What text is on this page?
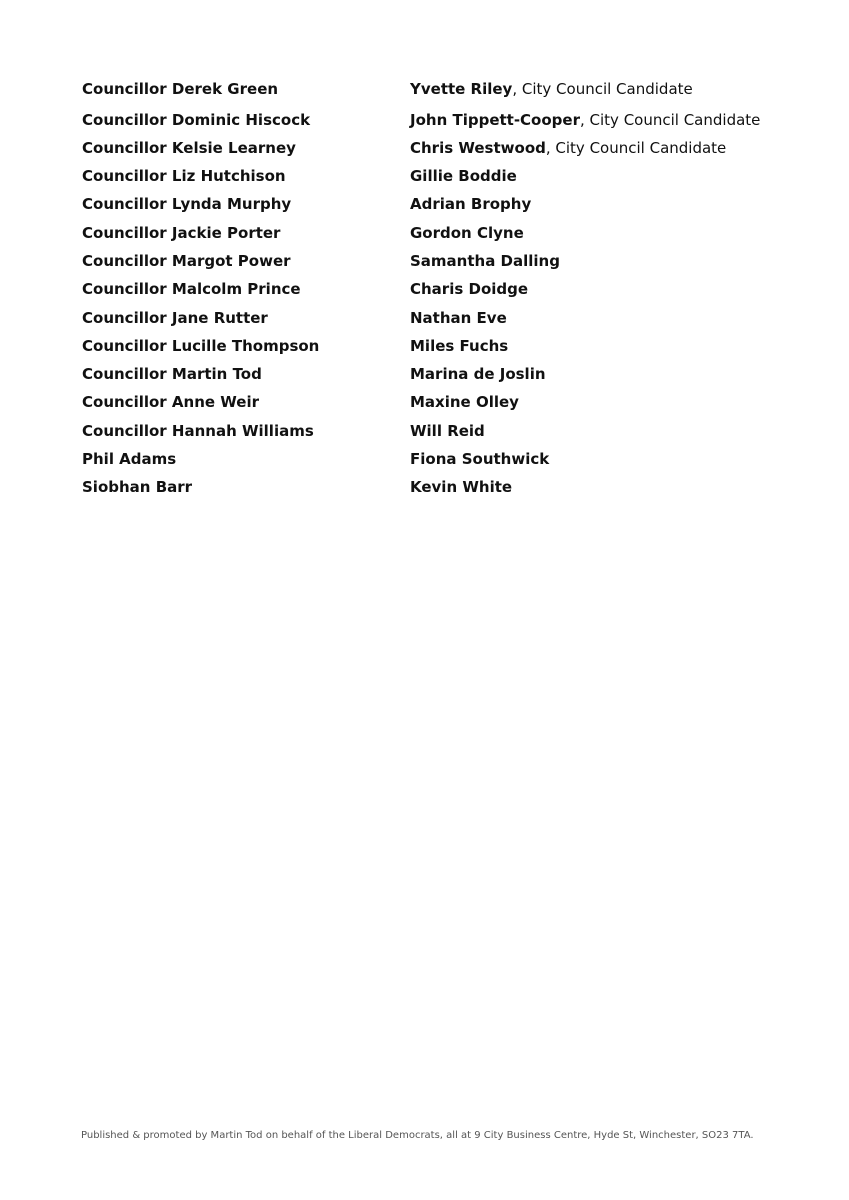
Councillor Derek Green
Councillor Dominic Hiscock
Councillor Kelsie Learney
Councillor Liz Hutchison
Councillor Lynda Murphy
Councillor Jackie Porter
Councillor Margot Power
Councillor Malcolm Prince
Councillor Jane Rutter
Councillor Lucille Thompson
Councillor Martin Tod
Councillor Anne Weir
Councillor Hannah Williams
Phil Adams
Siobhan Barr
Yvette Riley, City Council Candidate
John Tippett-Cooper, City Council Candidate
Chris Westwood, City Council Candidate
Gillie Boddie
Adrian Brophy
Gordon Clyne
Samantha Dalling
Charis Doidge
Nathan Eve
Miles Fuchs
Marina de Joslin
Maxine Olley
Will Reid
Fiona Southwick
Kevin White
Published & promoted by Martin Tod on behalf of the Liberal Democrats, all at 9 City Business Centre, Hyde St, Winchester, SO23 7TA.
